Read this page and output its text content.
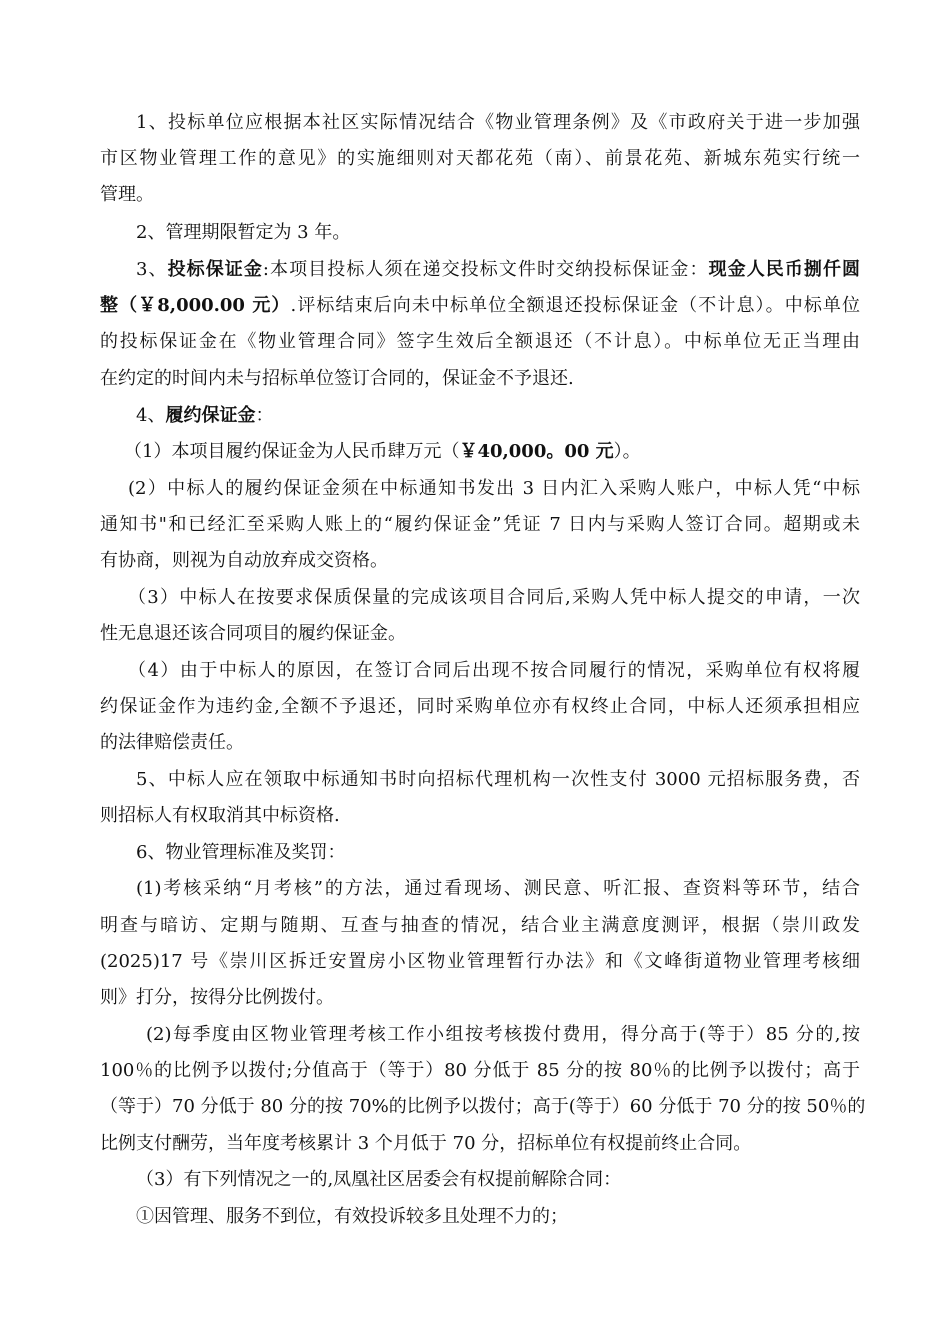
1、投标单位应根据本社区实际情况结合《物业管理条例》及《市政府关于进一步加强
市区物业管理工作的意见》的实施细则对天都花苑（南）、前景花苑、新城东苑实行统一
管理。
2、管理期限暂定为 3 年。
3、投标保证金:本项目投标人须在递交投标文件时交纳投标保证金：现金人民币捌仟圆
整（￥8,000.00 元）.评标结束后向未中标单位全额退还投标保证金（不计息）。中标单位
的投标保证金在《物业管理合同》签字生效后全额退还（不计息）。中标单位无正当理由
在约定的时间内未与招标单位签订合同的，保证金不予退还.
4、履约保证金：
（1）本项目履约保证金为人民币肆万元（￥40,000。00 元）。
(2）中标人的履约保证金须在中标通知书发出 3 日内汇入采购人账户，中标人凭“中标
通知书"和已经汇至采购人账上的“履约保证金”凭证 7 日内与采购人签订合同。超期或未
有协商，则视为自动放弃成交资格。
（3）中标人在按要求保质保量的完成该项目合同后,采购人凭中标人提交的申请，一次
性无息退还该合同项目的履约保证金。
（4）由于中标人的原因，在签订合同后出现不按合同履行的情况，采购单位有权将履
约保证金作为违约金,全额不予退还，同时采购单位亦有权终止合同，中标人还须承担相应
的法律赔偿责任。
5、中标人应在领取中标通知书时向招标代理机构一次性支付 3000 元招标服务费，否
则招标人有权取消其中标资格.
6、物业管理标准及奖罚：
(1)考核采纳“月考核”的方法，通过看现场、测民意、听汇报、查资料等环节，结合
明查与暗访、定期与随期、互查与抽查的情况，结合业主满意度测评，根据（崇川政发
(2025)17 号《崇川区拆迁安置房小区物业管理暂行办法》和《文峰街道物业管理考核细
则》打分，按得分比例拨付。
(2)每季度由区物业管理考核工作小组按考核拨付费用，得分高于(等于）85 分的,按
100％的比例予以拨付;分值高于（等于）80 分低于 85 分的按 80％的比例予以拨付；高于
（等于）70 分低于 80 分的按 70%的比例予以拨付；高于(等于）60 分低于 70 分的按 50％的
比例支付酬劳，当年度考核累计 3 个月低于 70 分，招标单位有权提前终止合同。
（3）有下列情况之一的,凤凰社区居委会有权提前解除合同：
①因管理、服务不到位，有效投诉较多且处理不力的；
